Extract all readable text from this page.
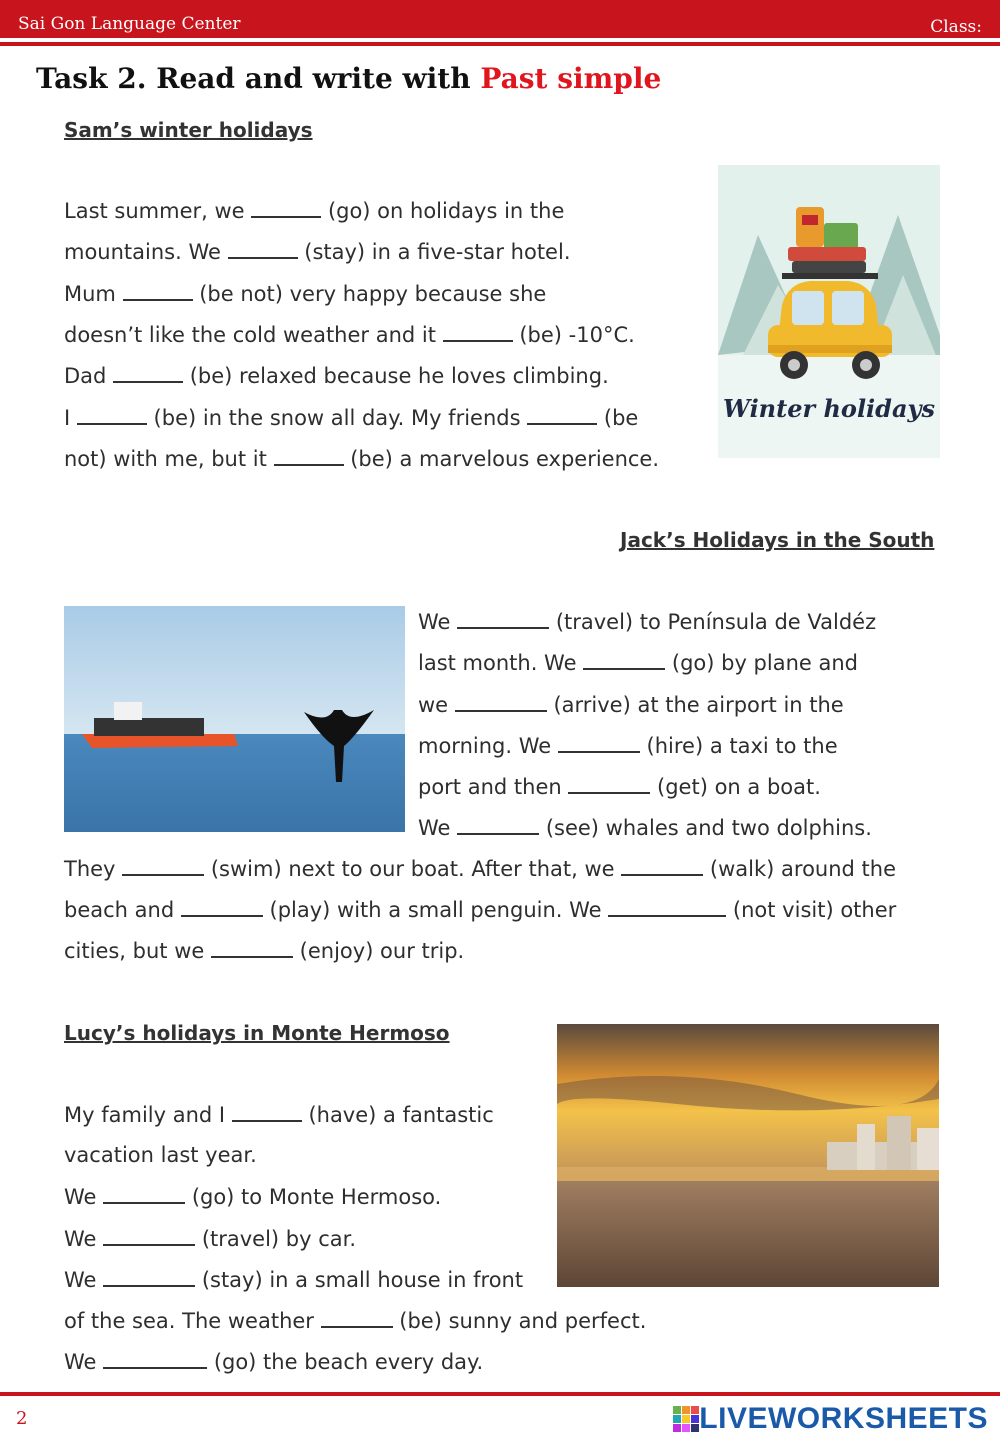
Sai Gon Language Center	Class:
Task 2. Read and write with Past simple
Sam’s winter holidays
Last summer, we	(go) on holidays in the
mountains. We	(stay) in a five-star hotel.
Mum	(be not) very happy because she
doesn’t like the cold weather and it	(be) -10°C.
Dad	(be) relaxed because he loves climbing.
I	(be) in the snow all day. My friends	(be
not) with me, but it	(be) a marvelous experience.
Winter holidays
Jack’s Holidays in the South
We	(travel) to Península de Valdéz
last month. We	(go) by plane and
we	(arrive) at the airport in the
morning. We	(hire) a taxi to the
port and then	(get) on a boat.
We	(see) whales and two dolphins.
They	(swim) next to our boat. After that, we	(walk) around the
beach and	(play) with a small penguin. We	(not visit) other
cities, but we	(enjoy) our trip.
Lucy’s holidays in Monte Hermoso
My family and I	(have) a fantastic
vacation last year.
We	(go) to Monte Hermoso.
We	(travel) by car.
We	(stay) in a small house in front
of the sea. The weather	(be) sunny and perfect.
We	(go) the beach every day.
2	LIVEWORKSHEETS
